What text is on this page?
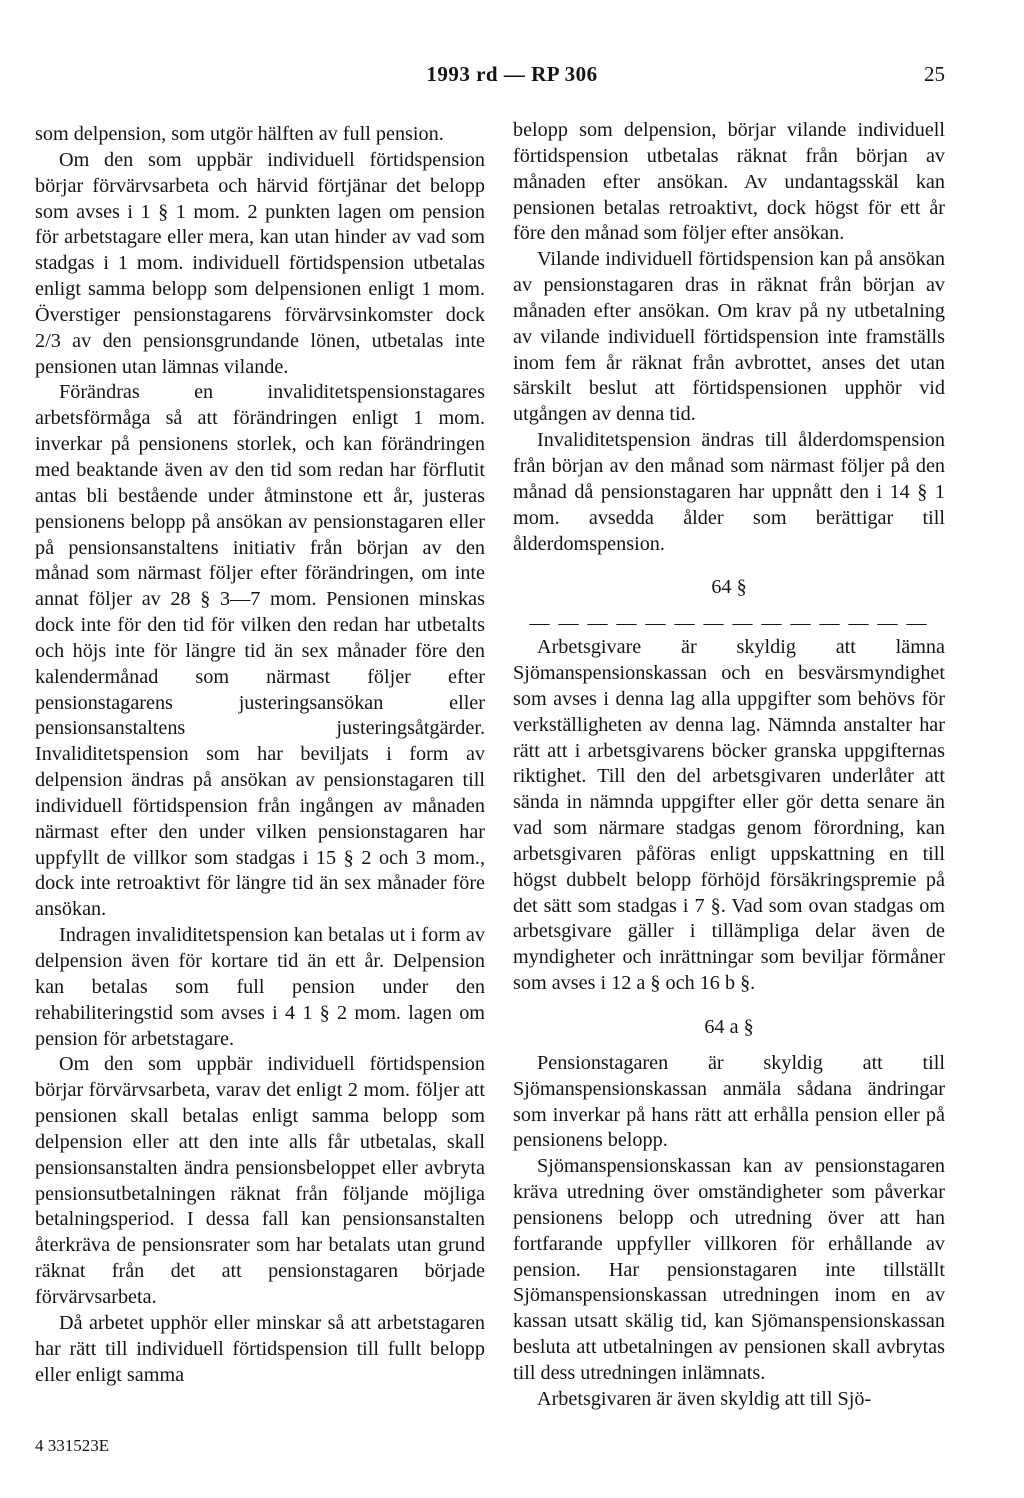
1993 rd — RP 306	25

som delpension, som utgör hälften av full pension.

Om den som uppbär individuell förtidspension börjar förvärvsarbeta och härvid förtjänar det belopp som avses i 1 § 1 mom. 2 punkten lagen om pension för arbetstagare eller mera, kan utan hinder av vad som stadgas i 1 mom. individuell förtidspension utbetalas enligt samma belopp som delpensionen enligt 1 mom. Överstiger pensionstagarens förvärvsinkomster dock 2/3 av den pensionsgrundande lönen, utbetalas inte pensionen utan lämnas vilande.

Förändras en invaliditetspensionstagares arbetsförmåga så att förändringen enligt 1 mom. inverkar på pensionens storlek, och kan förändringen med beaktande även av den tid som redan har förflutit antas bli bestående under åtminstone ett år, justeras pensionens belopp på ansökan av pensionstagaren eller på pensionsanstaltens initiativ från början av den månad som närmast följer efter förändringen, om inte annat följer av 28 § 3—7 mom. Pensionen minskas dock inte för den tid för vilken den redan har utbetalts och höjs inte för längre tid än sex månader före den kalendermånad som närmast följer efter pensionstagarens justeringsansökan eller pensionsanstaltens justeringsåtgärder. Invaliditetspension som har beviljats i form av delpension ändras på ansökan av pensionstagaren till individuell förtidspension från ingången av månaden närmast efter den under vilken pensionstagaren har uppfyllt de villkor som stadgas i 15 § 2 och 3 mom., dock inte retroaktivt för längre tid än sex månader före ansökan.

Indragen invaliditetspension kan betalas ut i form av delpension även för kortare tid än ett år. Delpension kan betalas som full pension under den rehabiliteringstid som avses i 4 1 § 2 mom. lagen om pension för arbetstagare.

Om den som uppbär individuell förtidspension börjar förvärvsarbeta, varav det enligt 2 mom. följer att pensionen skall betalas enligt samma belopp som delpension eller att den inte alls får utbetalas, skall pensionsanstalten ändra pensionsbeloppet eller avbryta pensionsutbetalningen räknat från följande möjliga betalningsperiod. I dessa fall kan pensionsanstalten återkräva de pensionsrater som har betalats utan grund räknat från det att pensionstagaren började förvärvsarbeta.

Då arbetet upphör eller minskar så att arbetstagaren har rätt till individuell förtidspension till fullt belopp eller enligt samma

belopp som delpension, börjar vilande individuell förtidspension utbetalas räknat från början av månaden efter ansökan. Av undantagsskäl kan pensionen betalas retroaktivt, dock högst för ett år före den månad som följer efter ansökan.

Vilande individuell förtidspension kan på ansökan av pensionstagaren dras in räknat från början av månaden efter ansökan. Om krav på ny utbetalning av vilande individuell förtidspension inte framställs inom fem år räknat från avbrottet, anses det utan särskilt beslut att förtidspensionen upphör vid utgången av denna tid.

Invaliditetspension ändras till ålderdomspension från början av den månad som närmast följer på den månad då pensionstagaren har uppnått den i 14 § 1 mom. avsedda ålder som berättigar till ålderdomspension.

64 §

— — — — — — — — — — — — — —

Arbetsgivare är skyldig att lämna Sjömanspensionskassan och en besvärsmyndighet som avses i denna lag alla uppgifter som behövs för verkställigheten av denna lag. Nämnda anstalter har rätt att i arbetsgivarens böcker granska uppgifternas riktighet. Till den del arbetsgivaren underlåter att sända in nämnda uppgifter eller gör detta senare än vad som närmare stadgas genom förordning, kan arbetsgivaren påföras enligt uppskattning en till högst dubbelt belopp förhöjd försäkringspremie på det sätt som stadgas i 7 §. Vad som ovan stadgas om arbetsgivare gäller i tillämpliga delar även de myndigheter och inrättningar som beviljar förmåner som avses i 12 a § och 16 b §.

64 a §

Pensionstagaren är skyldig att till Sjömanspensionskassan anmäla sådana ändringar som inverkar på hans rätt att erhålla pension eller på pensionens belopp.

Sjömanspensionskassan kan av pensionstagaren kräva utredning över omständigheter som påverkar pensionens belopp och utredning över att han fortfarande uppfyller villkoren för erhållande av pension. Har pensionstagaren inte tillställt Sjömanspensionskassan utredningen inom en av kassan utsatt skälig tid, kan Sjömanspensionskassan besluta att utbetalningen av pensionen skall avbrytas till dess utredningen inlämnats.

Arbetsgivaren är även skyldig att till Sjö-

4 331523E
